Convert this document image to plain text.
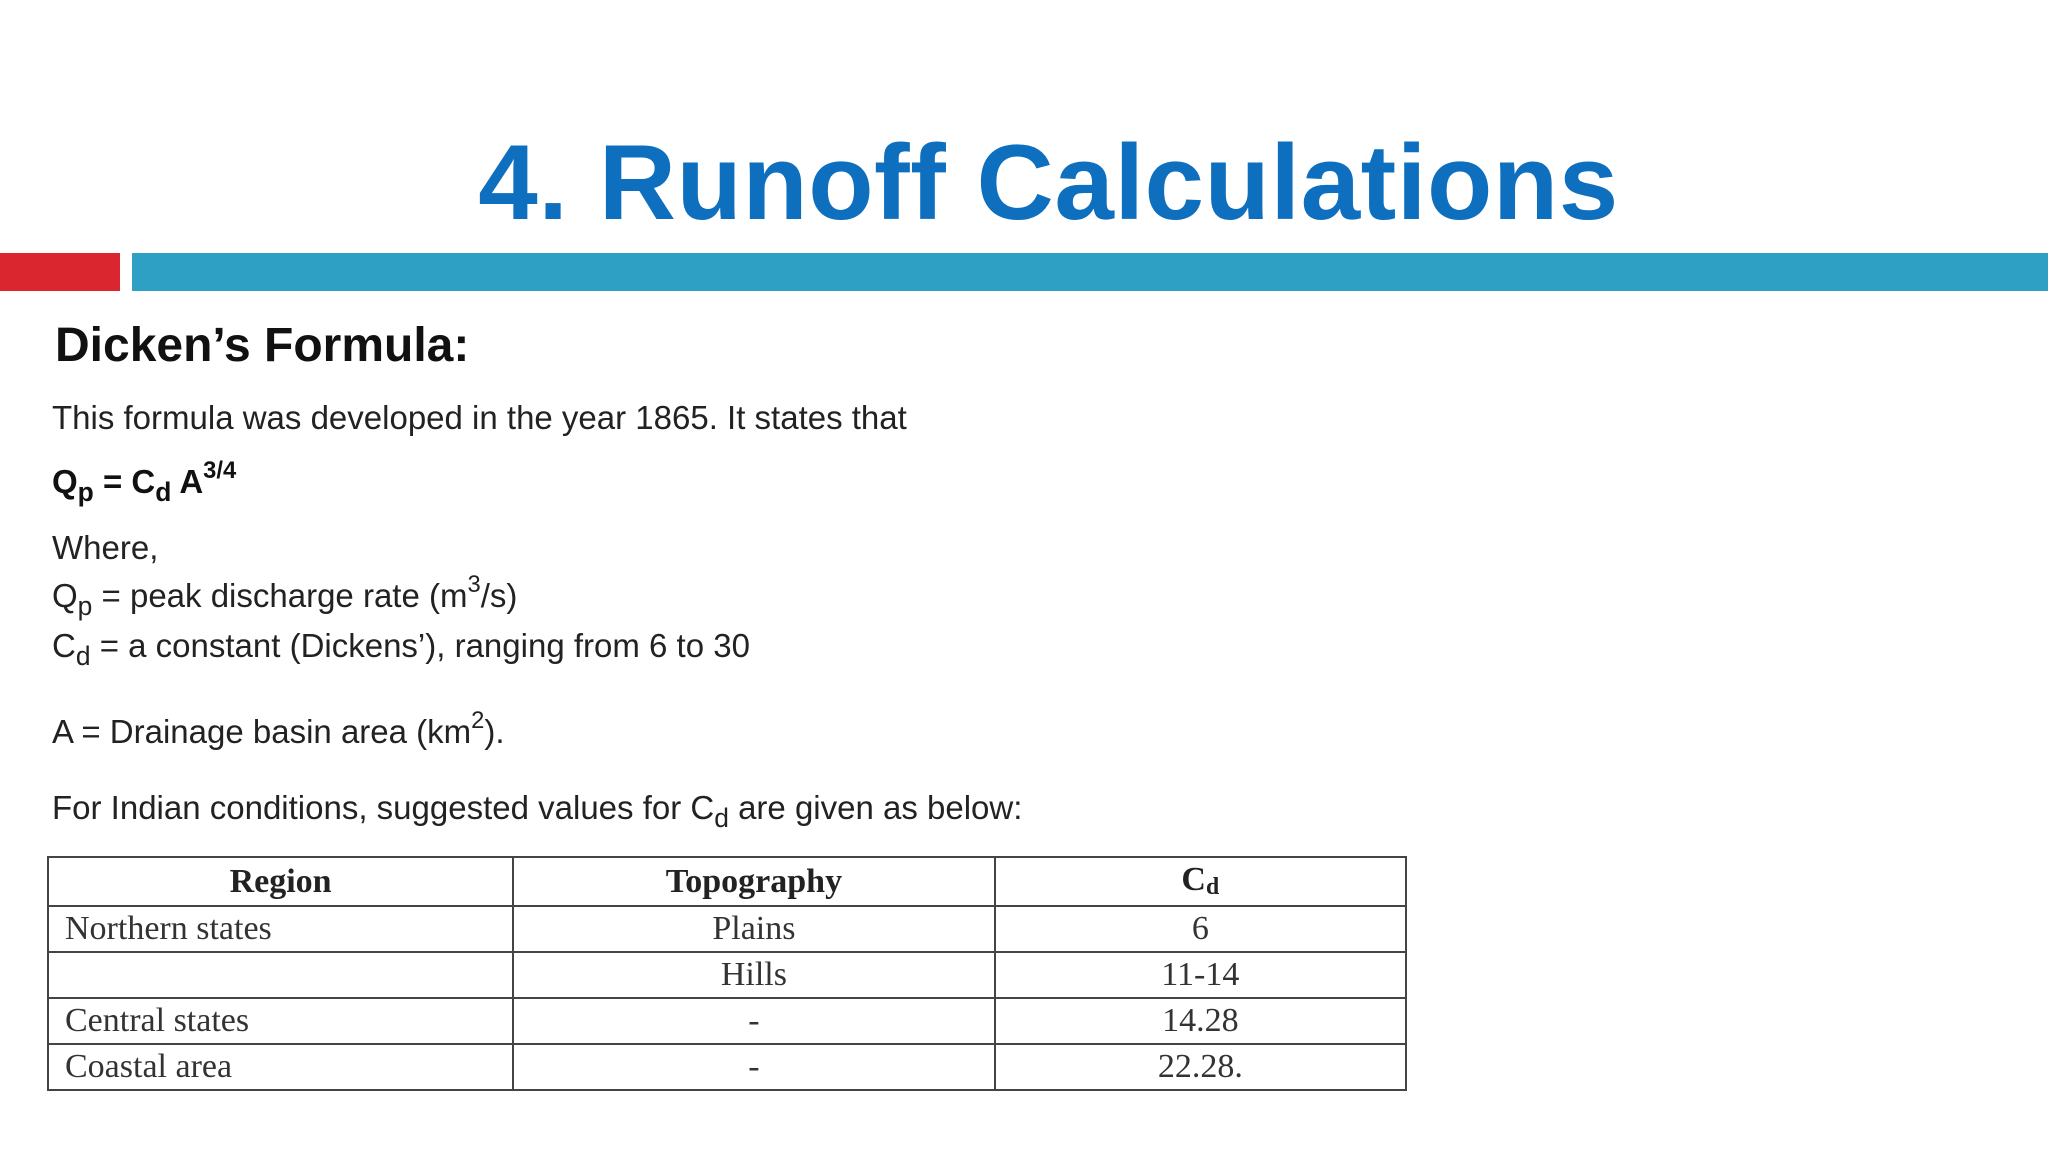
4. Runoff Calculations
Dicken’s Formula:
This formula was developed in the year 1865. It states that
$Q_p = C_d$ $A^{3/4}$
Where,
$Q_p$ = peak discharge rate $(m^3/s)$
$C_d = a$ constant (Dickens’), ranging from 6 to 30
A = Drainage basin area $(km^2)$.
For Indian conditions, suggested values for $C_d$ are given as below:
Region	Topography	Cd
Northern states	Plains	6
	Hills	11-14
Central states	-	14.28
Coastal area	-	22.28.
